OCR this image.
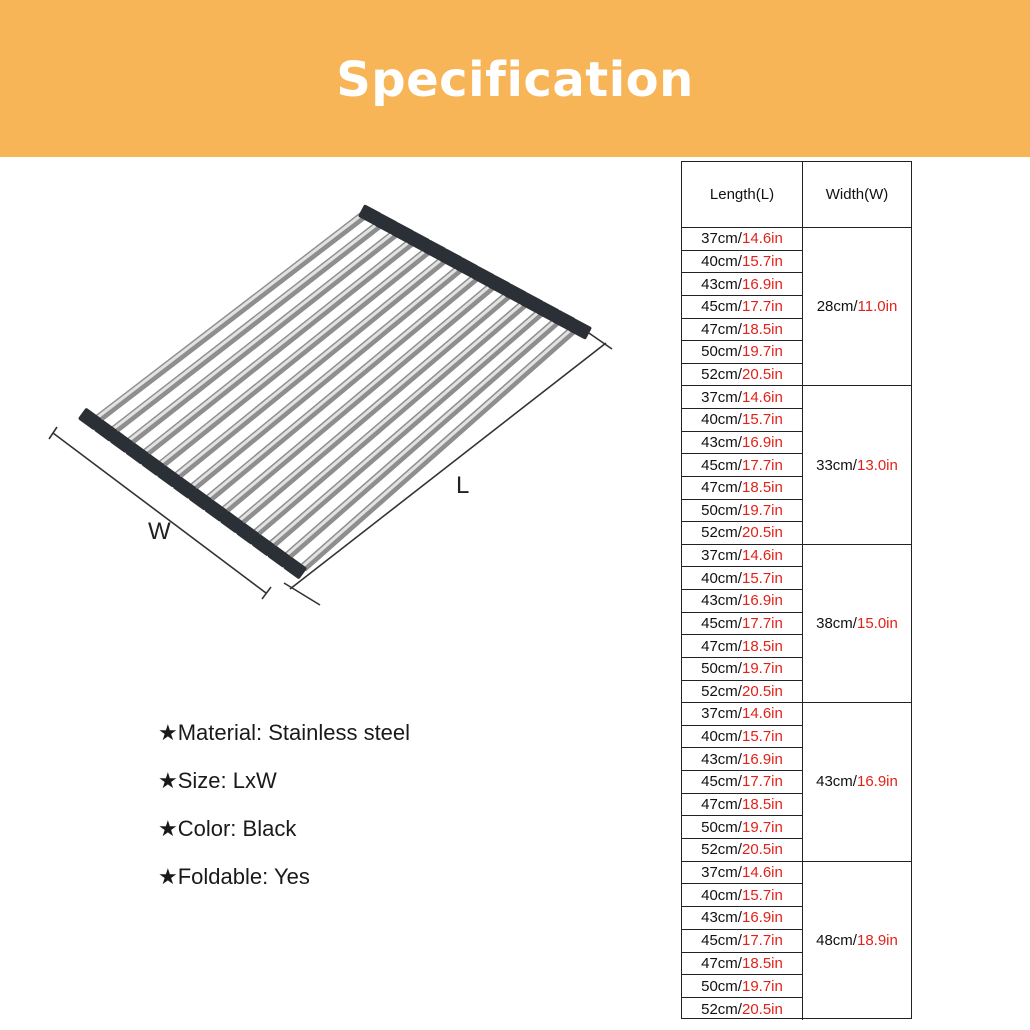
Specification
W
L
★Material: Stainless steel
★Size: LxW
★Color: Black
★Foldable: Yes
Length(L)	Width(W)
37cm/ 14.6in
40cm/ 15.7in
43cm/ 16.9in
45cm/ 17.7in
47cm/ 18.5in
50cm/ 19.7in
52cm/ 20.5in
28cm/ 11.0in
37cm/ 14.6in
40cm/ 15.7in
43cm/ 16.9in
45cm/ 17.7in
47cm/ 18.5in
50cm/ 19.7in
52cm/ 20.5in
33cm/ 13.0in
37cm/ 14.6in
40cm/ 15.7in
43cm/ 16.9in
45cm/ 17.7in
47cm/ 18.5in
50cm/ 19.7in
52cm/ 20.5in
38cm/ 15.0in
37cm/ 14.6in
40cm/ 15.7in
43cm/ 16.9in
45cm/ 17.7in
47cm/ 18.5in
50cm/ 19.7in
52cm/ 20.5in
43cm/ 16.9in
37cm/ 14.6in
40cm/ 15.7in
43cm/ 16.9in
45cm/ 17.7in
47cm/ 18.5in
50cm/ 19.7in
52cm/ 20.5in
48cm/ 18.9in
